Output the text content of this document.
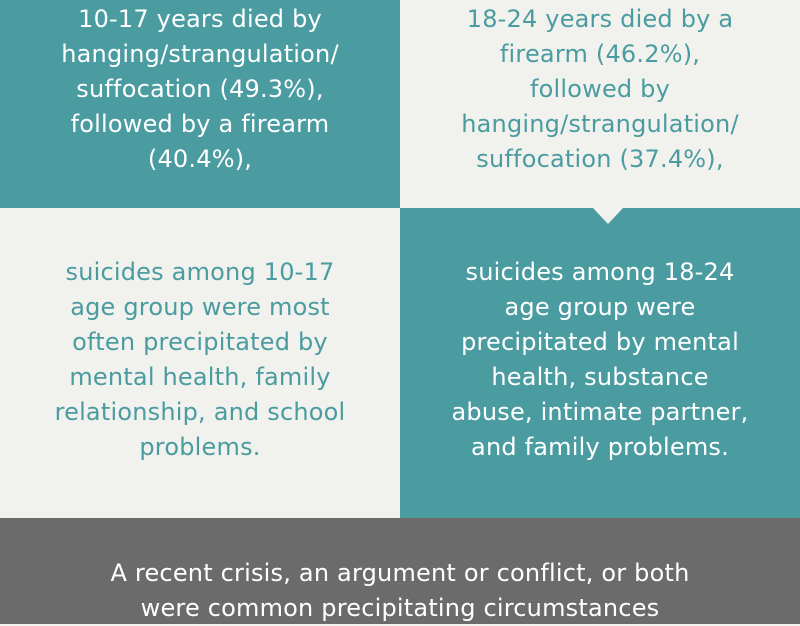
10-17 years died by
hanging/strangulation/
suffocation (49.3%),
followed by a firearm
(40.4%),
18-24 years died by a
firearm (46.2%),
followed by
hanging/strangulation/
suffocation (37.4%),
suicides among 10-17
age group were most
often precipitated by
mental health, family
relationship, and school
problems.
suicides among 18-24
age group were
precipitated by mental
health, substance
abuse, intimate partner,
and family problems.
A recent crisis, an argument or conflict, or both
were common precipitating circumstances
